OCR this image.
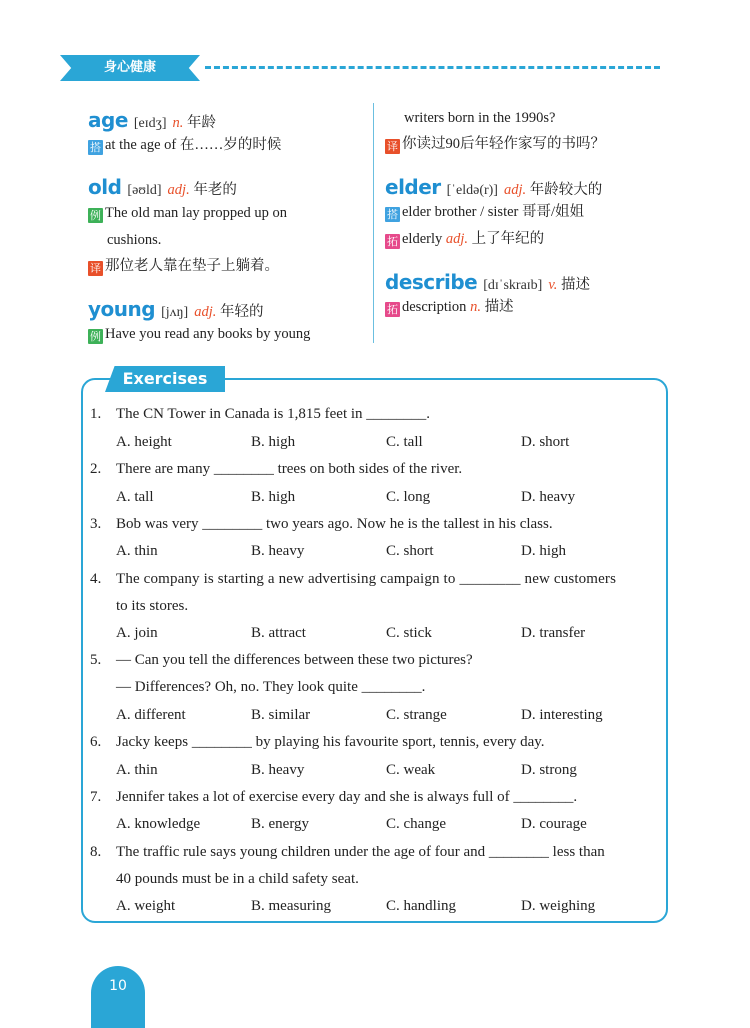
身心健康
age [eɪdʒ] n. 年龄
搭 at the age of 在……岁的时候
old [əʊld] adj. 年老的
例 The old man lay propped up on
cushions.
译 那位老人靠在垫子上躺着。
young [jʌŋ] adj. 年轻的
例 Have you read any books by young
writers born in the 1990s?
译 你读过90后年轻作家写的书吗？
elder [ˈeldə(r)] adj. 年龄较大的
搭 elder brother / sister 哥哥/姐姐
拓 elderly adj. 上了年纪的
describe [dɪˈskraɪb] v. 描述
拓 description n. 描述
Exercises
1. The CN Tower in Canada is 1,815 feet in ________.
A. height	B. high	C. tall	D. short
2. There are many ________ trees on both sides of the river.
A. tall	B. high	C. long	D. heavy
3. Bob was very ________ two years ago. Now he is the tallest in his class.
A. thin	B. heavy	C. short	D. high
4. The company is starting a new advertising campaign to ________ new customers
to its stores.
A. join	B. attract	C. stick	D. transfer
5. — Can you tell the differences between these two pictures?
— Differences? Oh, no. They look quite ________.
A. different	B. similar	C. strange	D. interesting
6. Jacky keeps ________ by playing his favourite sport, tennis, every day.
A. thin	B. heavy	C. weak	D. strong
7. Jennifer takes a lot of exercise every day and she is always full of ________.
A. knowledge	B. energy	C. change	D. courage
8. The traffic rule says young children under the age of four and ________ less than
40 pounds must be in a child safety seat.
A. weight	B. measuring	C. handling	D. weighing
10
